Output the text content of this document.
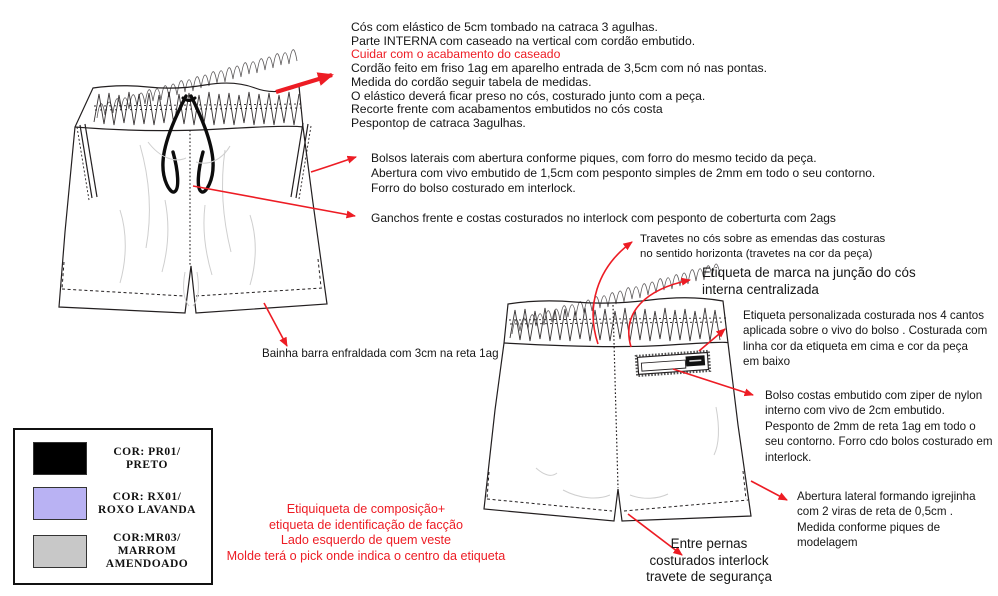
Cós com elástico de 5cm tombado na catraca 3 agulhas.
Parte INTERNA com caseado na vertical com cordão embutido.
Cuidar com o acabamento do caseado
Cordão feito em friso 1ag em aparelho entrada de 3,5cm com nó nas pontas.
Medida do cordão seguir tabela de medidas.
O elástico deverá ficar preso no cós, costurado junto com a peça.
Recorte frente com acabamentos embutidos no cós costa
Pespontop de catraca 3agulhas.
Bolsos laterais com abertura conforme piques, com forro do mesmo tecido da peça.
Abertura com vivo embutido de 1,5cm com pesponto simples de 2mm em todo o seu contorno.
Forro do bolso costurado em interlock.
Ganchos frente e costas costurados no interlock com pesponto de coberturta com 2ags
Travetes no cós sobre as emendas das costuras
no sentido horizonta (travetes na cor da peça)
Etiqueta de marca na junção do cós
interna centralizada
Etiqueta personalizada costurada nos 4 cantos
aplicada sobre o vivo do bolso . Costurada com
linha cor da etiqueta em cima e cor da peça
em baixo
Bolso costas embutido com ziper de nylon
interno com vivo de 2cm embutido.
Pesponto de 2mm de reta 1ag em todo o
seu contorno. Forro cdo bolos costurado em
interlock.
Bainha barra enfraldada com 3cm na reta 1ag
Abertura lateral formando igrejinha
com 2 viras de reta de 0,5cm .
Medida conforme piques de
modelagem
Entre pernas
costurados interlock
travete de segurança
Etiquiqueta de composição+
etiqueta de identificação de facção
Lado esquerdo de quem veste
Molde terá o pick onde indica o centro da etiqueta
COR: PR01/
PRETO
COR: RX01/
ROXO LAVANDA
COR:MR03/
MARROM AMENDOADO
